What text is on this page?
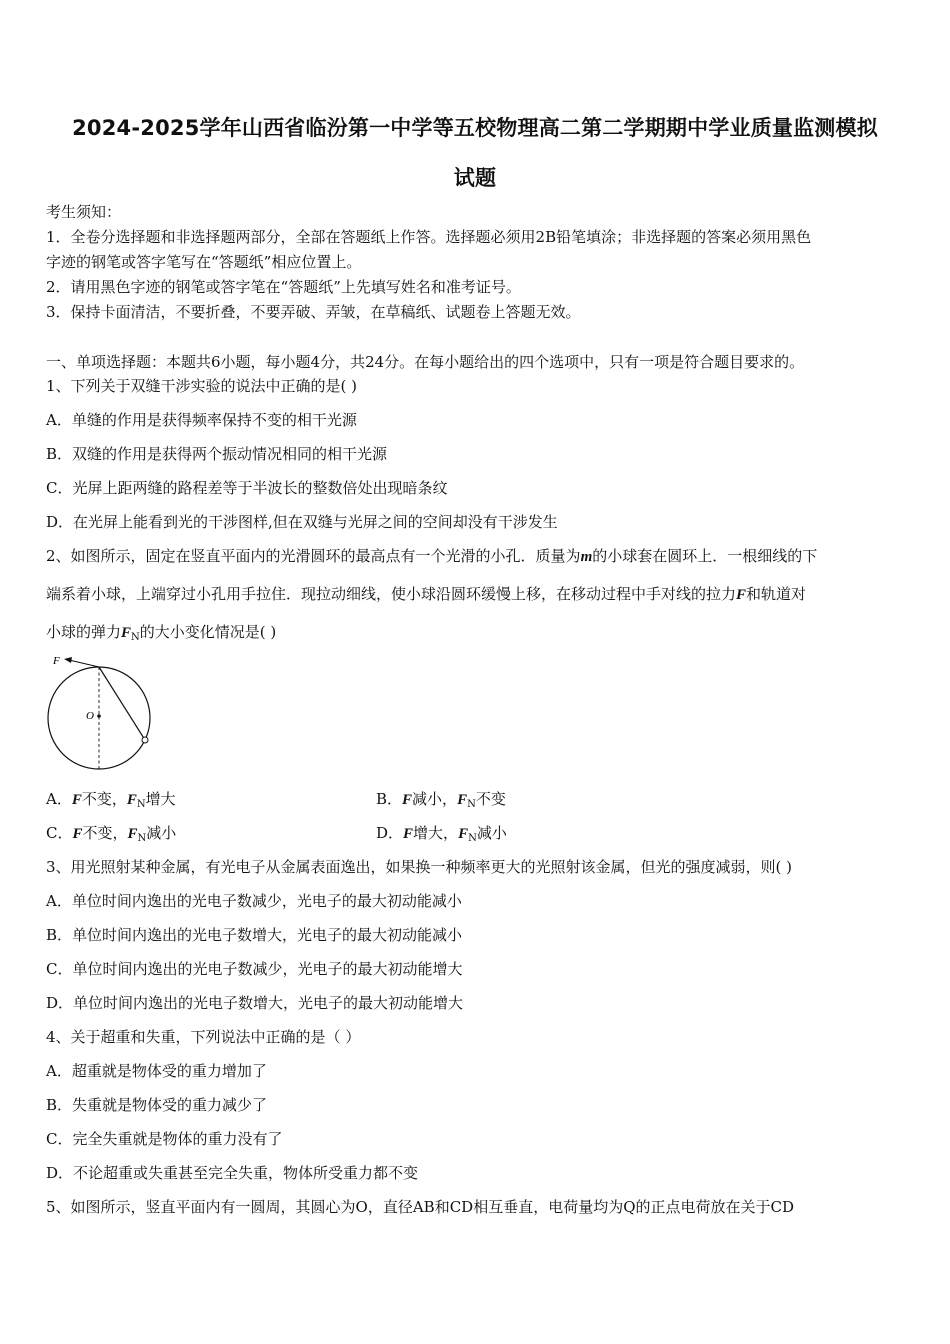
2024-2025学年山西省临汾第一中学等五校物理高二第二学期期中学业质量监测模拟
试题
考生须知：
1．全卷分选择题和非选择题两部分，全部在答题纸上作答。选择题必须用2B铅笔填涂；非选择题的答案必须用黑色
字迹的钢笔或答字笔写在“答题纸”相应位置上。
2．请用黑色字迹的钢笔或答字笔在“答题纸”上先填写姓名和准考证号。
3．保持卡面清洁，不要折叠，不要弄破、弄皱，在草稿纸、试题卷上答题无效。
一、单项选择题：本题共6小题，每小题4分，共24分。在每小题给出的四个选项中，只有一项是符合题目要求的。
1、下列关于双缝干涉实验的说法中正确的是( )
A．单缝的作用是获得频率保持不变的相干光源
B．双缝的作用是获得两个振动情况相同的相干光源
C．光屏上距两缝的路程差等于半波长的整数倍处出现暗条纹
D．在光屏上能看到光的干涉图样,但在双缝与光屏之间的空间却没有干涉发生
2、如图所示，固定在竖直平面内的光滑圆环的最高点有一个光滑的小孔．质量为m的小球套在圆环上．一根细线的下
端系着小球，上端穿过小孔用手拉住．现拉动细线，使小球沿圆环缓慢上移，在移动过程中手对线的拉力F和轨道对
小球的弹力$F_N$的大小变化情况是( )
F
O
A．F不变，$F_N$增大	B．F减小，$F_N$不变
C．F不变，$F_N$减小	D．F增大，$F_N$减小
3、用光照射某种金属，有光电子从金属表面逸出，如果换一种频率更大的光照射该金属，但光的强度减弱，则( )
A．单位时间内逸出的光电子数减少，光电子的最大初动能减小
B．单位时间内逸出的光电子数增大，光电子的最大初动能减小
C．单位时间内逸出的光电子数减少，光电子的最大初动能增大
D．单位时间内逸出的光电子数增大，光电子的最大初动能增大
4、关于超重和失重，下列说法中正确的是（ ）
A．超重就是物体受的重力增加了
B．失重就是物体受的重力减少了
C．完全失重就是物体的重力没有了
D．不论超重或失重甚至完全失重，物体所受重力都不变
5、如图所示，竖直平面内有一圆周，其圆心为O，直径AB和CD相互垂直，电荷量均为Q的正点电荷放在关于CD
